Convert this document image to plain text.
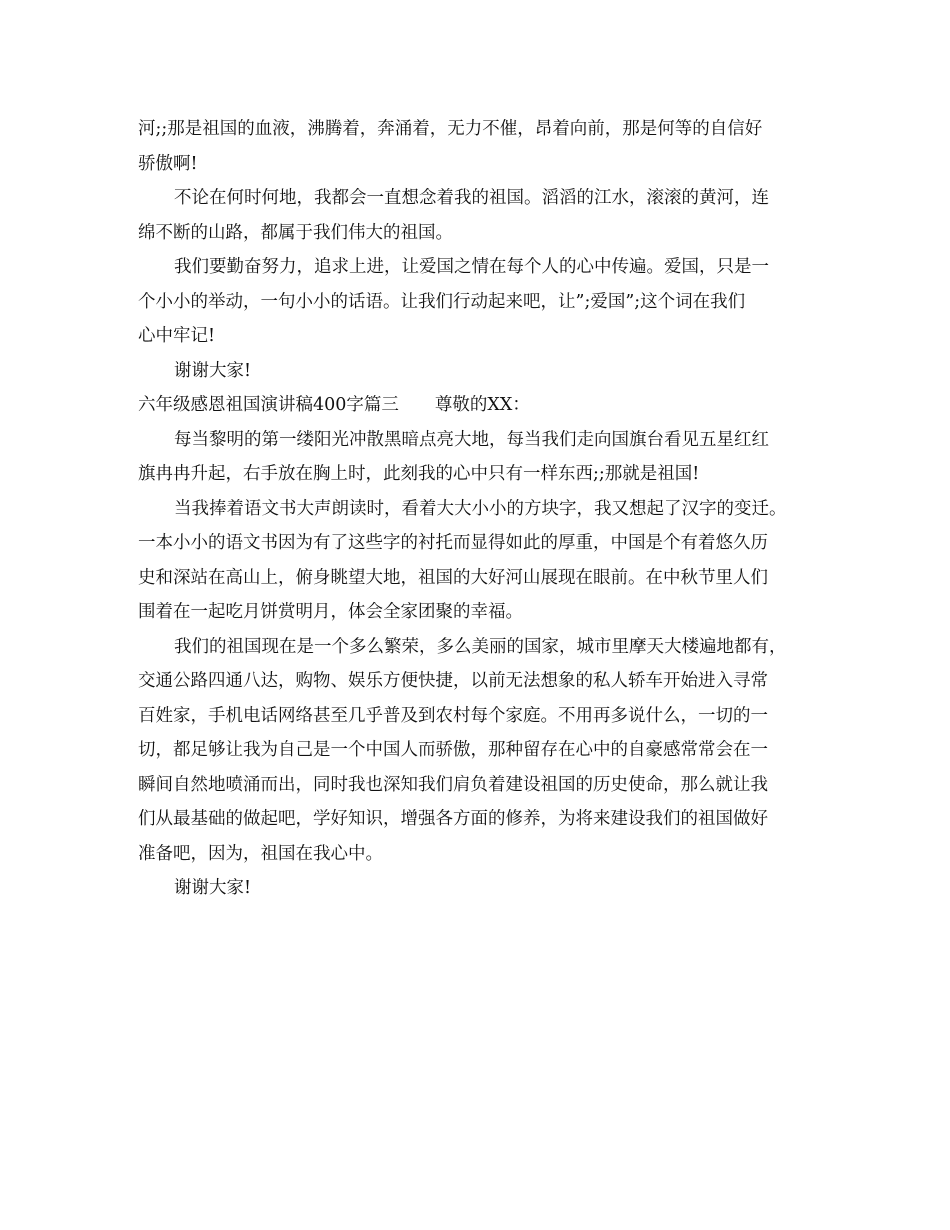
河;;那是祖国的血液，沸腾着，奔涌着，无力不催，昂着向前，那是何等的自信好
骄傲啊!
不论在何时何地，我都会一直想念着我的祖国。滔滔的江水，滚滚的黄河，连
绵不断的山路，都属于我们伟大的祖国。
我们要勤奋努力，追求上进，让爱国之情在每个人的心中传遍。爱国，只是一
个小小的举动，一句小小的话语。让我们行动起来吧，让”;爱国”;这个词在我们
心中牢记!
谢谢大家!
六年级感恩祖国演讲稿400字篇三 尊敬的XX：
每当黎明的第一缕阳光冲散黑暗点亮大地，每当我们走向国旗台看见五星红红
旗冉冉升起，右手放在胸上时，此刻我的心中只有一样东西;;那就是祖国!
当我捧着语文书大声朗读时，看着大大小小的方块字，我又想起了汉字的变迁。
一本小小的语文书因为有了这些字的衬托而显得如此的厚重，中国是个有着悠久历
史和深站在高山上，俯身眺望大地，祖国的大好河山展现在眼前。在中秋节里人们
围着在一起吃月饼赏明月，体会全家团聚的幸福。
我们的祖国现在是一个多么繁荣，多么美丽的国家，城市里摩天大楼遍地都有，
交通公路四通八达，购物、娱乐方便快捷，以前无法想象的私人轿车开始进入寻常
百姓家，手机电话网络甚至几乎普及到农村每个家庭。不用再多说什么，一切的一
切，都足够让我为自己是一个中国人而骄傲，那种留存在心中的自豪感常常会在一
瞬间自然地喷涌而出，同时我也深知我们肩负着建设祖国的历史使命，那么就让我
们从最基础的做起吧，学好知识，增强各方面的修养，为将来建设我们的祖国做好
准备吧，因为，祖国在我心中。
谢谢大家!
